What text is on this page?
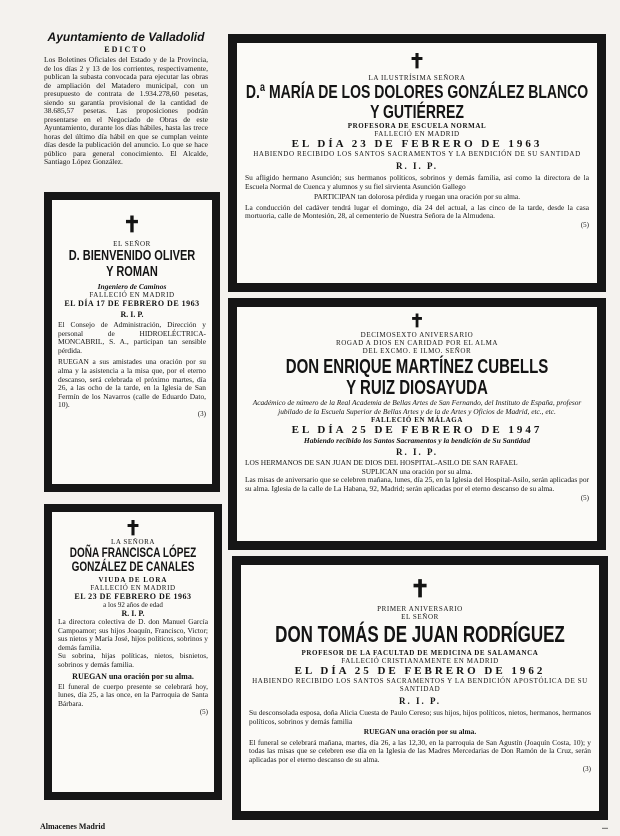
Ayuntamiento de Valladolid
EDICTO
Los Boletines Oficiales del Estado y de la Provincia, de los días 2 y 13 de los corrientes, respectivamente, publican la subasta convocada para ejecutar las obras de ampliación del Matadero municipal, con un presupuesto de contrata de 1.934.278,60 pesetas, siendo su garantía provisional de la cantidad de 38.685,57 pesetas. Las proposiciones podrán presentarse en el Negociado de Obras de este Ayuntamiento, durante los días hábiles, hasta las trece horas del último día hábil en que se cumplan veinte días desde la publicación del anuncio. Lo que se hace público para general conocimiento. El Alcalde, Santiago López González.
✝
EL SEÑOR
D. BIENVENIDO OLIVER
Y ROMAN
Ingeniero de Caminos
FALLECIÓ EN MADRID
EL DÍA 17 DE FEBRERO DE 1963
R. I. P.
El Consejo de Administración, Dirección y personal de HIDROELÉCTRICA-MONCABRIL, S. A., participan tan sensible pérdida.
RUEGAN a sus amistades una oración por su alma y la asistencia a la misa que, por el eterno descanso, será celebrada el próximo martes, día 26, a las ocho de la tarde, en la Iglesia de San Fermín de los Navarros (calle de Eduardo Dato, 10).
(3)
✝
LA SEÑORA
DOÑA FRANCISCA LÓPEZ
GONZÁLEZ DE CANALES
VIUDA DE LORA
FALLECIÓ EN MADRID
EL 23 DE FEBRERO DE 1963
a los 92 años de edad
R. I. P.
La directora colectiva de D. don Manuel García Campoamor; sus hijos Joaquín, Francisco, Victor; sus nietos y María José, hijos políticos, sobrinos y demás familia.
Su sobrina, hijas políticas, nietos, bisnietos, sobrinos y demás familia.
RUEGAN una oración por su alma.
El funeral de cuerpo presente se celebrará hoy, lunes, día 25, a las once, en la Parroquia de Santa Bárbara.
(5)
✝
LA ILUSTRÍSIMA SEÑORA
D.ª MARÍA DE LOS DOLORES GONZÁLEZ BLANCO
Y GUTIÉRREZ
PROFESORA DE ESCUELA NORMAL
FALLECIÓ EN MADRID
EL DÍA 23 DE FEBRERO DE 1963
HABIENDO RECIBIDO LOS SANTOS SACRAMENTOS Y LA BENDICIÓN DE SU SANTIDAD
R. I. P.
Su afligido hermano Asunción; sus hermanos políticos, sobrinos y demás familia, así como la directora de la Escuela Normal de Cuenca y alumnos y su fiel sirvienta Asunción Gallego
PARTICIPAN tan dolorosa pérdida y ruegan una oración por su alma.
La conducción del cadáver tendrá lugar el domingo, día 24 del actual, a las cinco de la tarde, desde la casa mortuoria, calle de Montesión, 28, al cementerio de Nuestra Señora de la Almudena.
(5)
✝
DECIMOSEXTO ANIVERSARIO
ROGAD A DIOS EN CARIDAD POR EL ALMA
DEL EXCMO. E ILMO. SEÑOR
DON ENRIQUE MARTÍNEZ CUBELLS
Y RUIZ DIOSAYUDA
Académico de número de la Real Academia de Bellas Artes de San Fernando, del Instituto de España, profesor jubilado de la Escuela Superior de Bellas Artes y de la de Artes y Oficios de Madrid, etc., etc.
FALLECIÓ EN MÁLAGA
EL DÍA 25 DE FEBRERO DE 1947
Habiendo recibido los Santos Sacramentos y la bendición de Su Santidad
R. I. P.
LOS HERMANOS DE SAN JUAN DE DIOS DEL HOSPITAL-ASILO DE SAN RAFAEL
SUPLICAN una oración por su alma.
Las misas de aniversario que se celebren mañana, lunes, día 25, en la Iglesia del Hospital-Asilo, serán aplicadas por su alma. Iglesia de la calle de La Habana, 92, Madrid; serán aplicadas por el eterno descanso de su alma.
(5)
✝
PRIMER ANIVERSARIO
EL SEÑOR
DON TOMÁS DE JUAN RODRÍGUEZ
PROFESOR DE LA FACULTAD DE MEDICINA DE SALAMANCA
FALLECIÓ CRISTIANAMENTE EN MADRID
EL DÍA 25 DE FEBRERO DE 1962
HABIENDO RECIBIDO LOS SANTOS SACRAMENTOS Y LA BENDICIÓN APOSTÓLICA DE SU SANTIDAD
R. I. P.
Su desconsolada esposa, doña Alicia Cuesta de Paulo Cereso; sus hijos, hijos políticos, nietos, hermanos, hermanos políticos, sobrinos y demás familia
RUEGAN una oración por su alma.
El funeral se celebrará mañana, martes, día 26, a las 12,30, en la parroquia de San Agustín (Joaquín Costa, 10); y todas las misas que se celebren ese día en la Iglesia de las Madres Mercedarias de Don Ramón de la Cruz, serán aplicadas por el eterno descanso de su alma.
(3)
Almacenes Madrid	...
